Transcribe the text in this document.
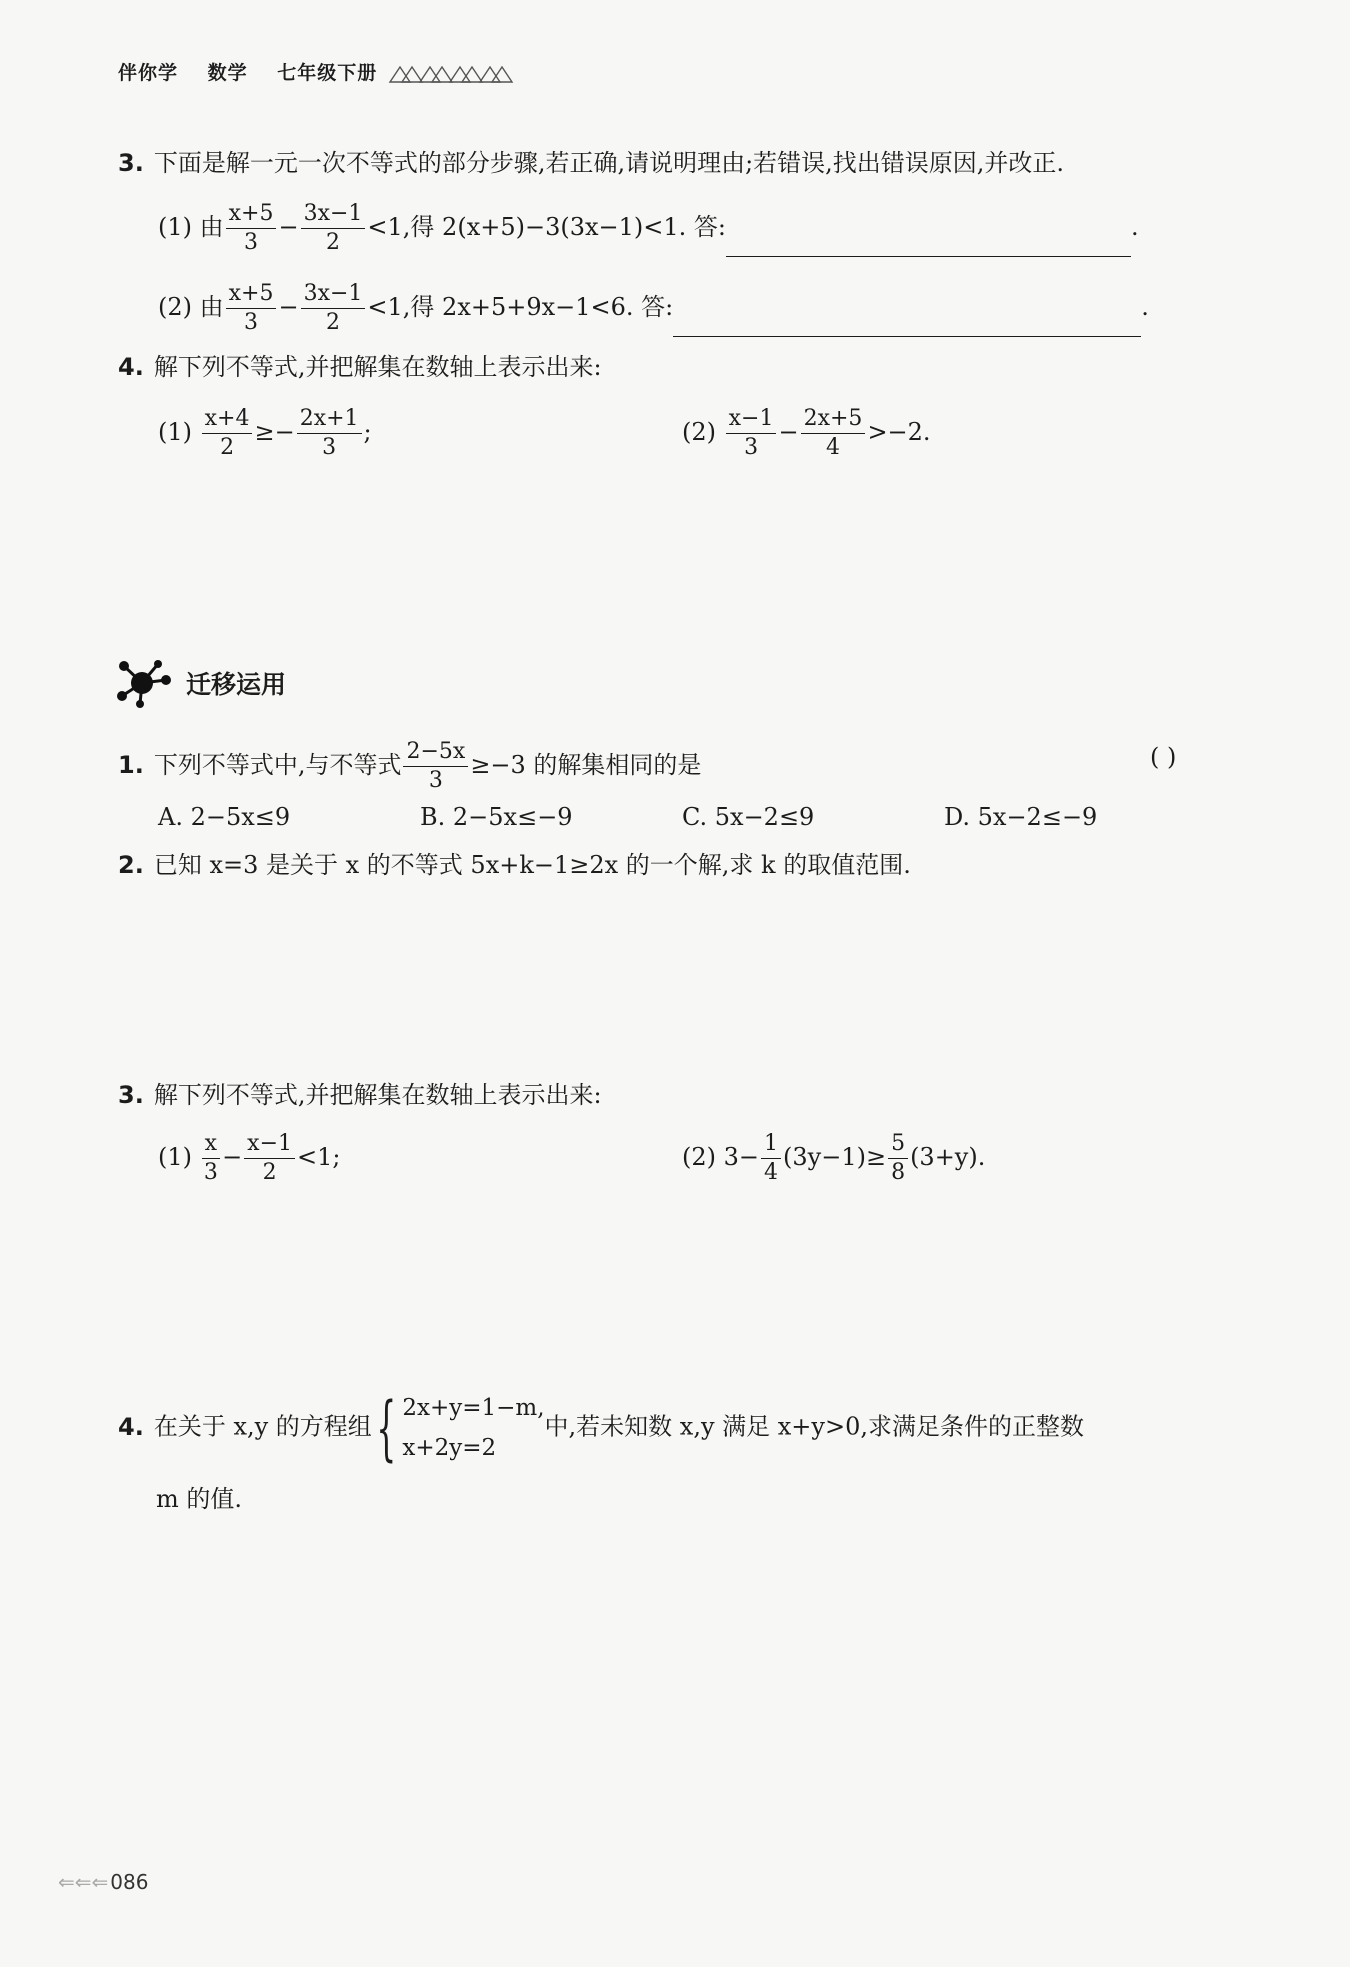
伴你学 数学 七年级下册
3. 下面是解一元一次不等式的部分步骤,若正确,请说明理由;若错误,找出错误原因,并改正.
(1) 由 $\frac{x+5}{3} - \frac{3x-1}{2} <1$,得 2(x+5)−3(3x−1)<1. 答:	.
(2) 由 $\frac{x+5}{3} - \frac{3x-1}{2} <1$,得 2x+5+9x−1<6. 答:	.
4. 解下列不等式,并把解集在数轴上表示出来:
$(1) \frac{x+4}{2} \ge- \frac{2x+1}{3}$ ;	$(2) \frac{x-1}{3} - \frac{2x+5}{4} >-2$.
迁移运用
1. 下列不等式中,与不等式 $\frac{2-5x}{3} \ge-3$ 的解集相同的是	( )
A. 2−5x≤9	B. 2−5x≤−9	C. 5x−2≤9	D. 5x−2≤−9
2. 已知 x=3 是关于 x 的不等式 5x+k−1≥2x 的一个解,求 k 的取值范围.
3. 解下列不等式,并把解集在数轴上表示出来:
$(1) \frac{x}{3} - \frac{x-1}{2} <1$;	(2) $3- \frac{1}{4} (3y-1)\ge \frac{5}{8} (3+y)$.
4. 在关于 x,y 的方程组{ 2x+y=1−m,
x+2y=2
中,若未知数 x,y 满足 x+y>0,求满足条件的正整数
m 的值.
⇐⇐⇐ 086
